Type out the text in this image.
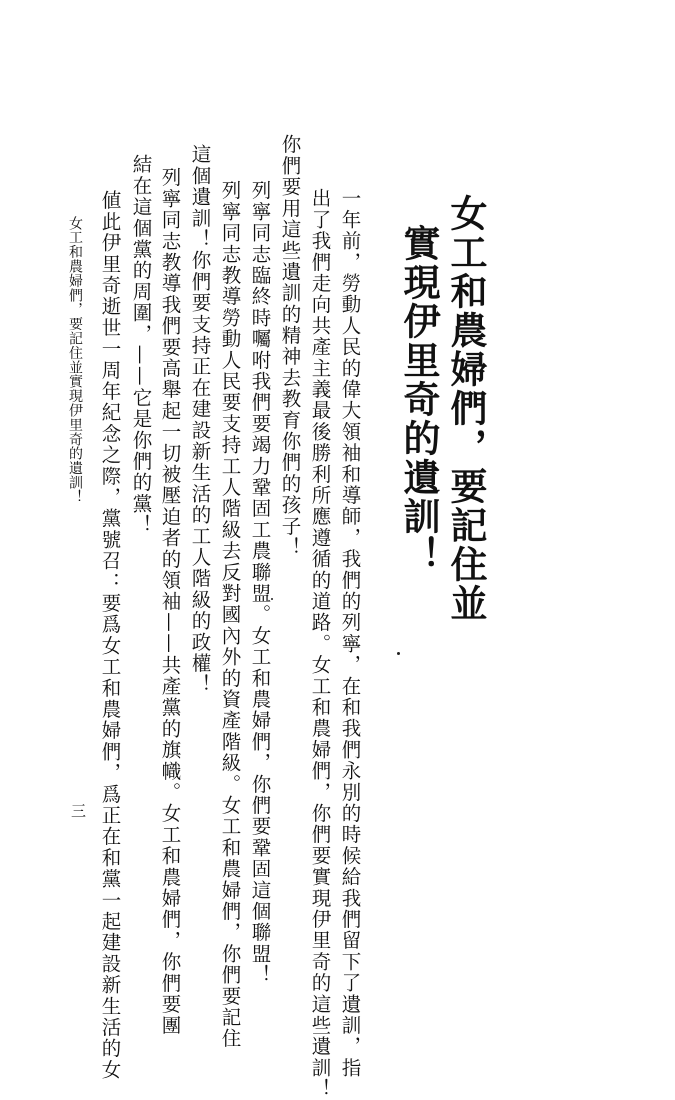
女工和農婦們，要記住並
實現伊里奇的遺訓！
一年前，勞動人民的偉大領袖和導師，我們的列寧，在和我們永別的時候給我們留下了遺訓，指
出了我們走向共產主義最後勝利所應遵循的道路。女工和農婦們，你們要實現伊里奇的這些遺訓！
你們要用這些遺訓的精神去教育你們的孩子！
列寧同志臨終時囑咐我們要竭力鞏固工農聯盟。女工和農婦們，你們要鞏固這個聯盟！
列寧同志教導勞動人民要支持工人階級去反對國內外的資產階級。女工和農婦們，你們要記住
這個遺訓！你們要支持正在建設新生活的工人階級的政權！
列寧同志教導我們要高舉起一切被壓迫者的領袖——共產黨的旗幟。女工和農婦們，你們要團
結在這個黨的周圍，——它是你們的黨！
値此伊里奇逝世一周年紀念之際，黨號召：要爲女工和農婦們，爲正在和黨一起建設新生活的女
女工和農婦們，要記住並實現伊里奇的遺訓！
三
